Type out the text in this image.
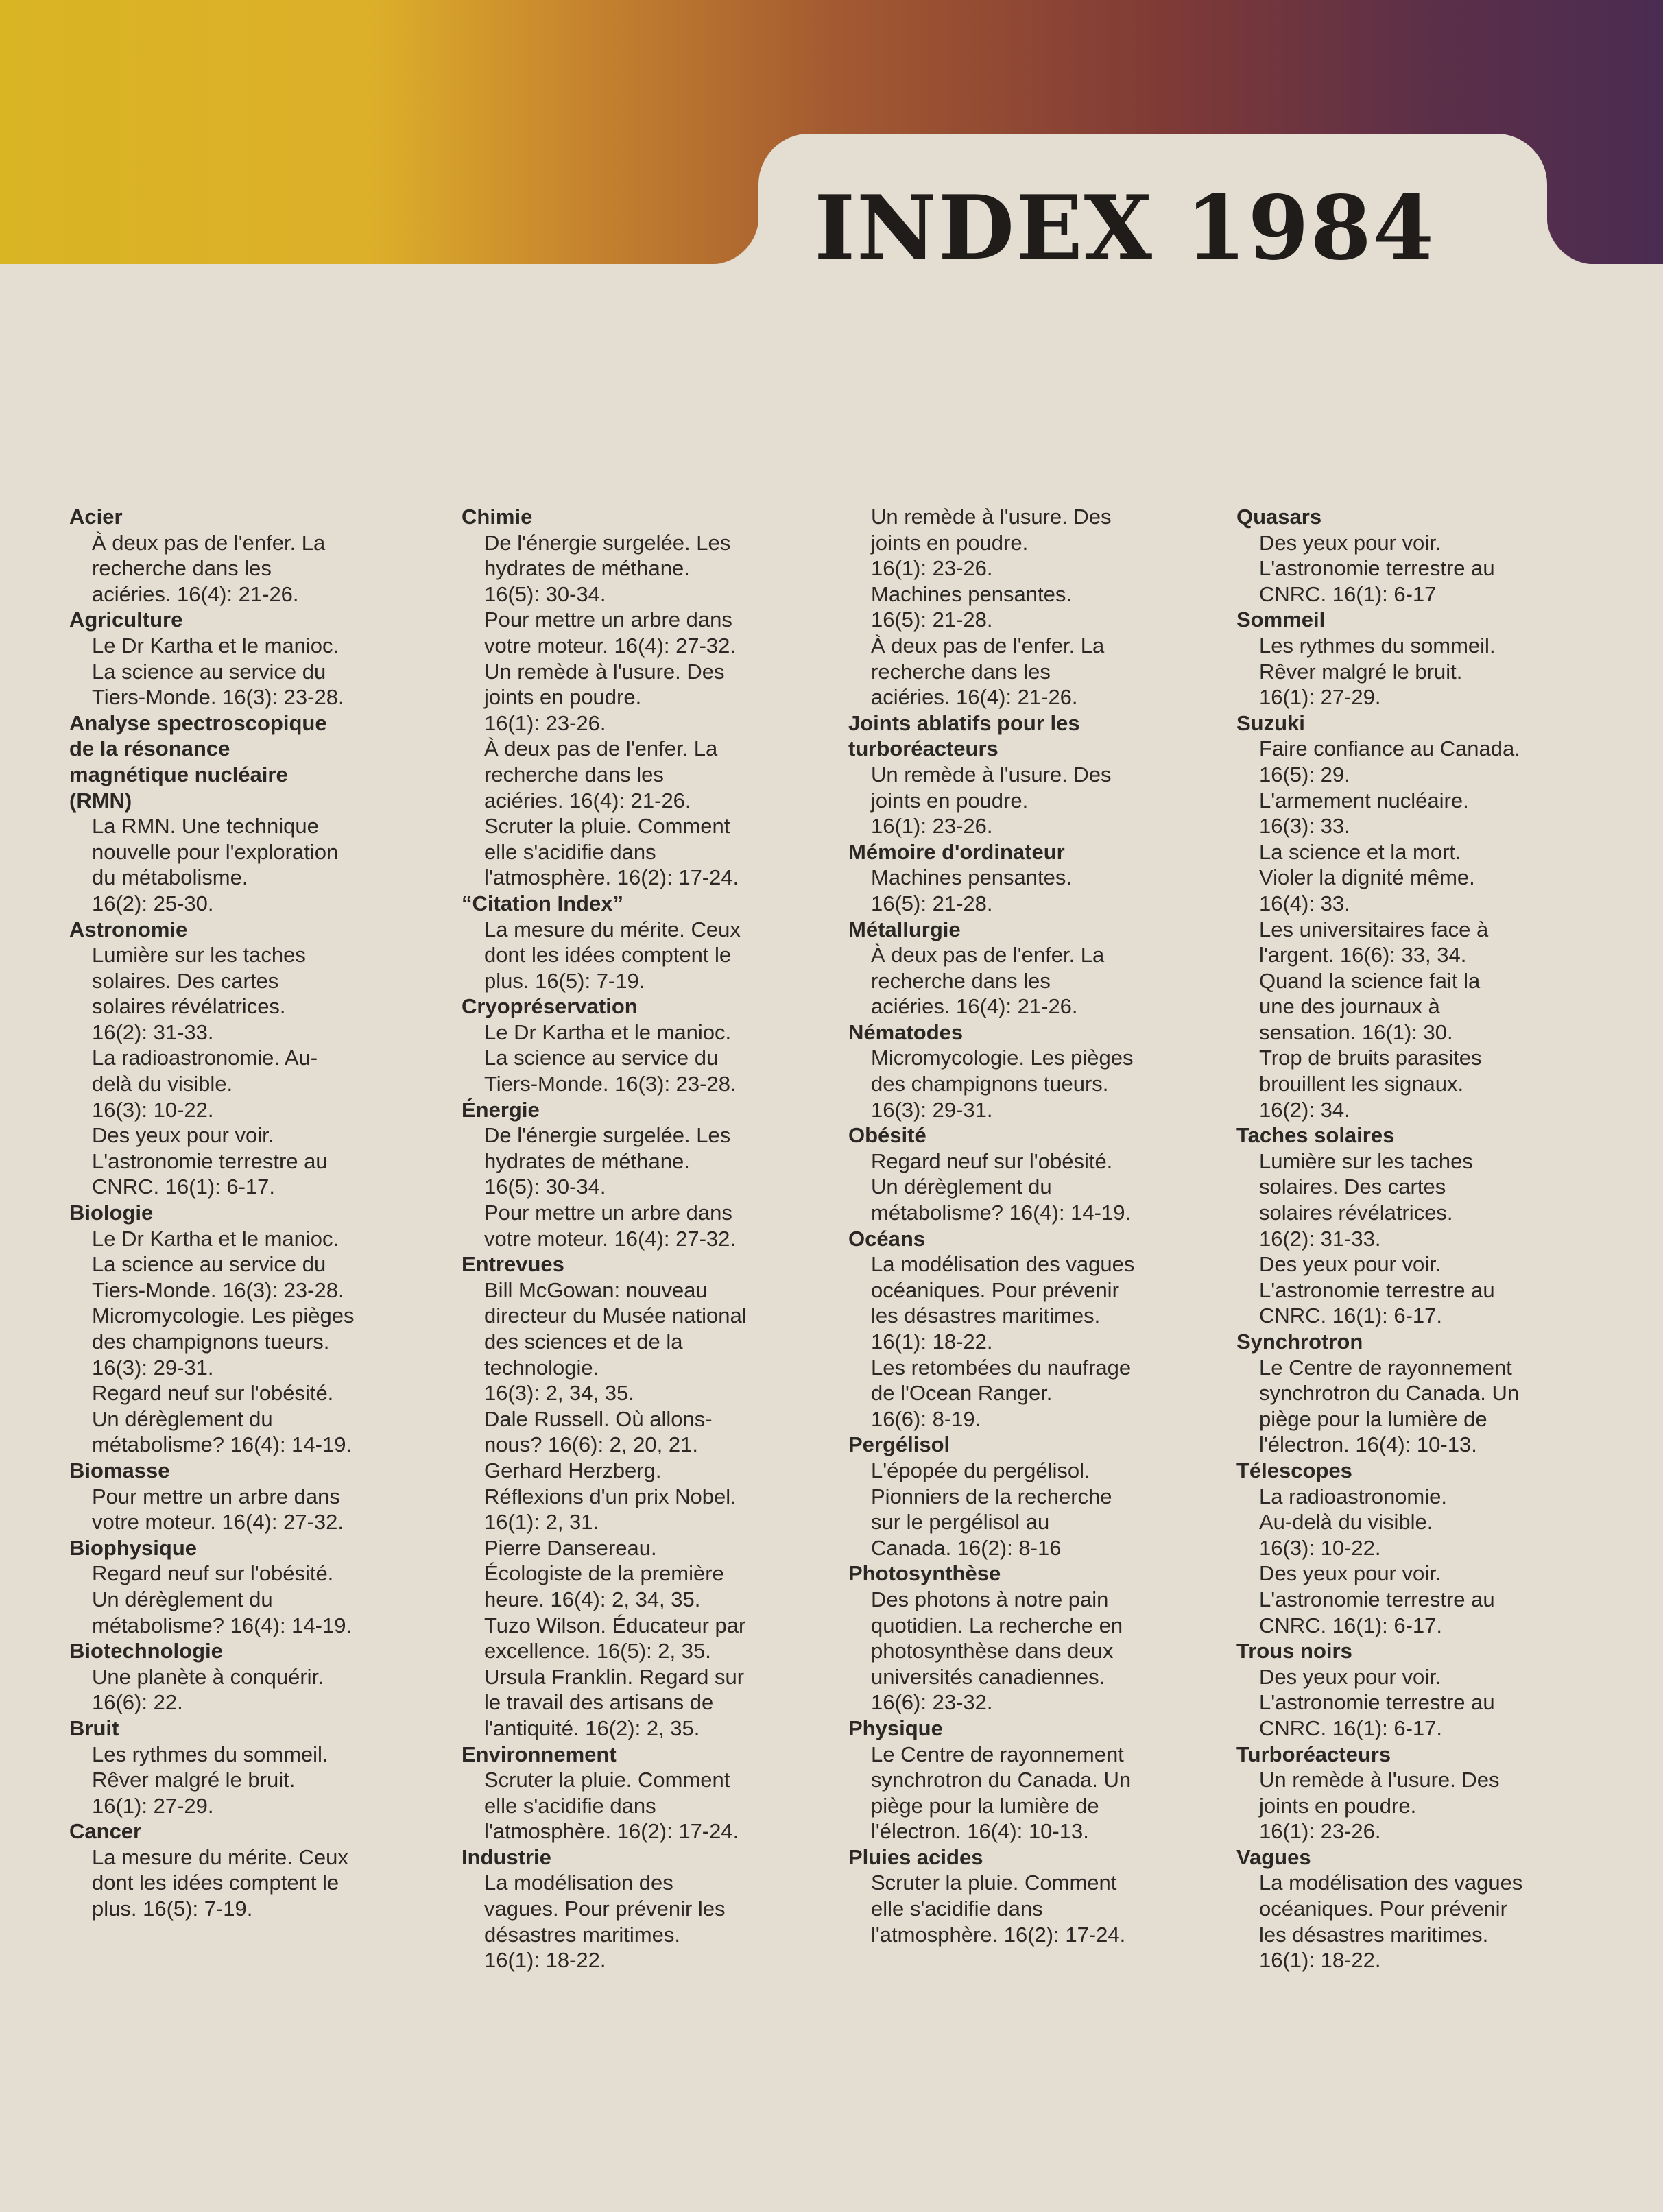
INDEX 1984
Acier
À deux pas de l'enfer. La
recherche dans les
aciéries. 16(4): 21-26.
Agriculture
Le Dr Kartha et le manioc.
La science au service du
Tiers-Monde. 16(3): 23-28.
Analyse spectroscopique
de la résonance
magnétique nucléaire
(RMN)
La RMN. Une technique
nouvelle pour l'exploration
du métabolisme.
16(2): 25-30.
Astronomie
Lumière sur les taches
solaires. Des cartes
solaires révélatrices.
16(2): 31-33.
La radioastronomie. Au-
delà du visible.
16(3): 10-22.
Des yeux pour voir.
L'astronomie terrestre au
CNRC. 16(1): 6-17.
Biologie
Le Dr Kartha et le manioc.
La science au service du
Tiers-Monde. 16(3): 23-28.
Micromycologie. Les pièges
des champignons tueurs.
16(3): 29-31.
Regard neuf sur l'obésité.
Un dérèglement du
métabolisme? 16(4): 14-19.
Biomasse
Pour mettre un arbre dans
votre moteur. 16(4): 27-32.
Biophysique
Regard neuf sur l'obésité.
Un dérèglement du
métabolisme? 16(4): 14-19.
Biotechnologie
Une planète à conquérir.
16(6): 22.
Bruit
Les rythmes du sommeil.
Rêver malgré le bruit.
16(1): 27-29.
Cancer
La mesure du mérite. Ceux
dont les idées comptent le
plus. 16(5): 7-19.
Chimie
De l'énergie surgelée. Les
hydrates de méthane.
16(5): 30-34.
Pour mettre un arbre dans
votre moteur. 16(4): 27-32.
Un remède à l'usure. Des
joints en poudre.
16(1): 23-26.
À deux pas de l'enfer. La
recherche dans les
aciéries. 16(4): 21-26.
Scruter la pluie. Comment
elle s'acidifie dans
l'atmosphère. 16(2): 17-24.
“Citation Index”
La mesure du mérite. Ceux
dont les idées comptent le
plus. 16(5): 7-19.
Cryopréservation
Le Dr Kartha et le manioc.
La science au service du
Tiers-Monde. 16(3): 23-28.
Énergie
De l'énergie surgelée. Les
hydrates de méthane.
16(5): 30-34.
Pour mettre un arbre dans
votre moteur. 16(4): 27-32.
Entrevues
Bill McGowan: nouveau
directeur du Musée national
des sciences et de la
technologie.
16(3): 2, 34, 35.
Dale Russell. Où allons-
nous? 16(6): 2, 20, 21.
Gerhard Herzberg.
Réflexions d'un prix Nobel.
16(1): 2, 31.
Pierre Dansereau.
Écologiste de la première
heure. 16(4): 2, 34, 35.
Tuzo Wilson. Éducateur par
excellence. 16(5): 2, 35.
Ursula Franklin. Regard sur
le travail des artisans de
l'antiquité. 16(2): 2, 35.
Environnement
Scruter la pluie. Comment
elle s'acidifie dans
l'atmosphère. 16(2): 17-24.
Industrie
La modélisation des
vagues. Pour prévenir les
désastres maritimes.
16(1): 18-22.
Un remède à l'usure. Des
joints en poudre.
16(1): 23-26.
Machines pensantes.
16(5): 21-28.
À deux pas de l'enfer. La
recherche dans les
aciéries. 16(4): 21-26.
Joints ablatifs pour les
turboréacteurs
Un remède à l'usure. Des
joints en poudre.
16(1): 23-26.
Mémoire d'ordinateur
Machines pensantes.
16(5): 21-28.
Métallurgie
À deux pas de l'enfer. La
recherche dans les
aciéries. 16(4): 21-26.
Nématodes
Micromycologie. Les pièges
des champignons tueurs.
16(3): 29-31.
Obésité
Regard neuf sur l'obésité.
Un dérèglement du
métabolisme? 16(4): 14-19.
Océans
La modélisation des vagues
océaniques. Pour prévenir
les désastres maritimes.
16(1): 18-22.
Les retombées du naufrage
de l'Ocean Ranger.
16(6): 8-19.
Pergélisol
L'épopée du pergélisol.
Pionniers de la recherche
sur le pergélisol au
Canada. 16(2): 8-16
Photosynthèse
Des photons à notre pain
quotidien. La recherche en
photosynthèse dans deux
universités canadiennes.
16(6): 23-32.
Physique
Le Centre de rayonnement
synchrotron du Canada. Un
piège pour la lumière de
l'électron. 16(4): 10-13.
Pluies acides
Scruter la pluie. Comment
elle s'acidifie dans
l'atmosphère. 16(2): 17-24.
Quasars
Des yeux pour voir.
L'astronomie terrestre au
CNRC. 16(1): 6-17
Sommeil
Les rythmes du sommeil.
Rêver malgré le bruit.
16(1): 27-29.
Suzuki
Faire confiance au Canada.
16(5): 29.
L'armement nucléaire.
16(3): 33.
La science et la mort.
Violer la dignité même.
16(4): 33.
Les universitaires face à
l'argent. 16(6): 33, 34.
Quand la science fait la
une des journaux à
sensation. 16(1): 30.
Trop de bruits parasites
brouillent les signaux.
16(2): 34.
Taches solaires
Lumière sur les taches
solaires. Des cartes
solaires révélatrices.
16(2): 31-33.
Des yeux pour voir.
L'astronomie terrestre au
CNRC. 16(1): 6-17.
Synchrotron
Le Centre de rayonnement
synchrotron du Canada. Un
piège pour la lumière de
l'électron. 16(4): 10-13.
Télescopes
La radioastronomie.
Au-delà du visible.
16(3): 10-22.
Des yeux pour voir.
L'astronomie terrestre au
CNRC. 16(1): 6-17.
Trous noirs
Des yeux pour voir.
L'astronomie terrestre au
CNRC. 16(1): 6-17.
Turboréacteurs
Un remède à l'usure. Des
joints en poudre.
16(1): 23-26.
Vagues
La modélisation des vagues
océaniques. Pour prévenir
les désastres maritimes.
16(1): 18-22.
